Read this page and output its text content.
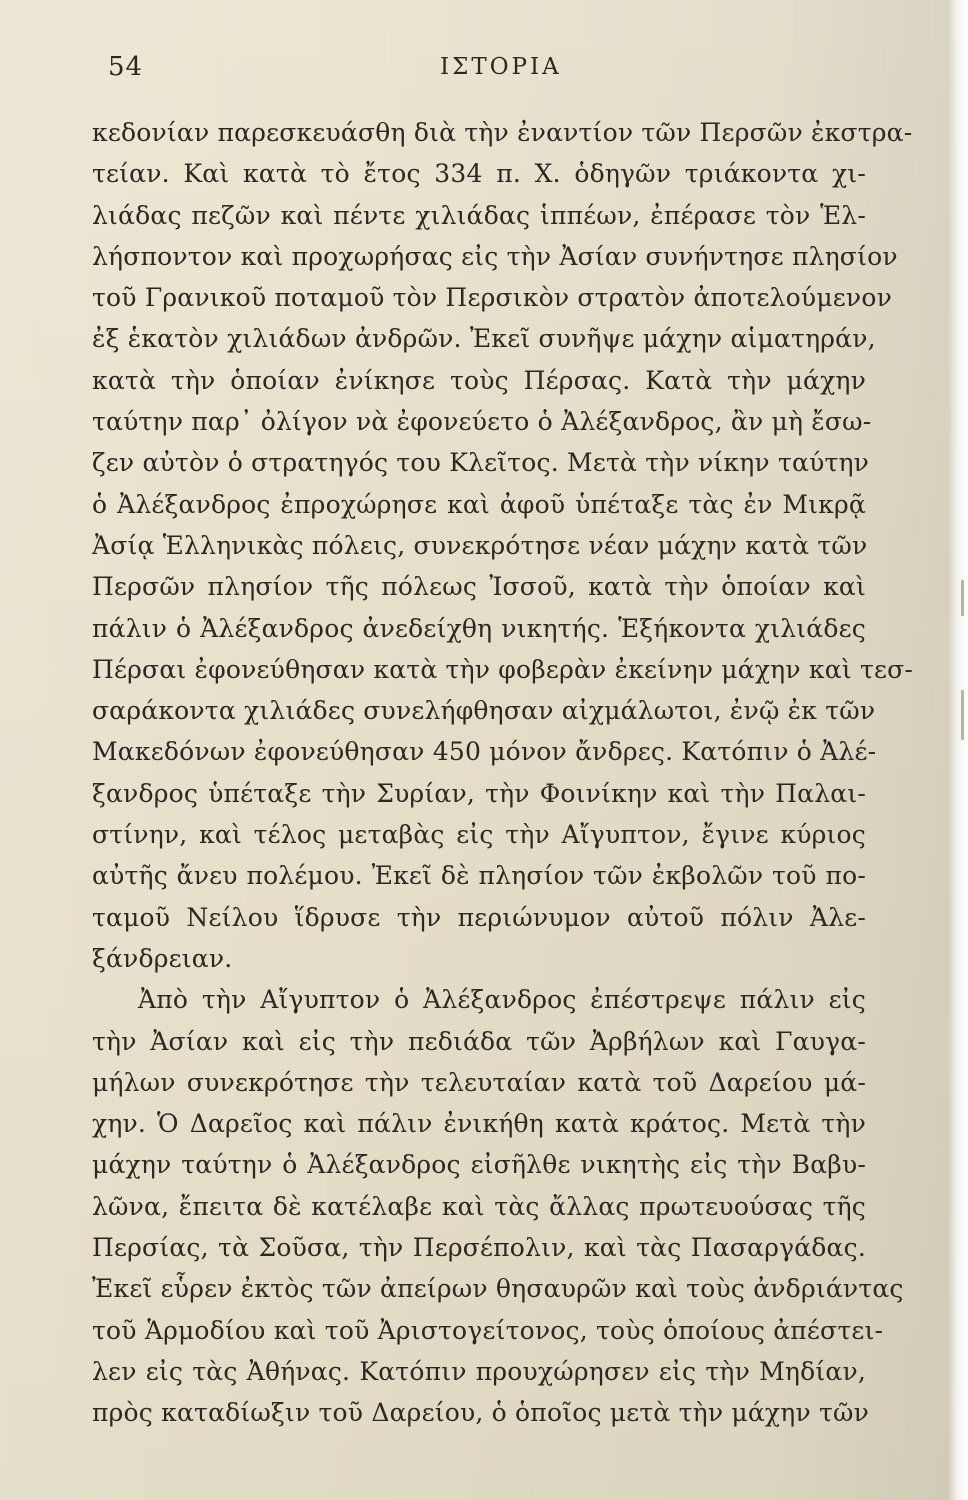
54	ΙΣΤΟΡΙΑ
κεδονίαν παρεσκευάσθη διὰ τὴν ἐναντίον τῶν Περσῶν ἐκστρα-
τείαν. Καὶ κατὰ τὸ ἔτος 334 π. Χ. ὁδηγῶν τριάκοντα χι-
λιάδας πεζῶν καὶ πέντε χιλιάδας ἱππέων, ἐπέρασε τὸν Ἑλ-
λήσποντον καὶ προχωρήσας εἰς τὴν Ἀσίαν συνήντησε πλησίον
τοῦ Γρανικοῦ ποταμοῦ τὸν Περσικὸν στρατὸν ἀποτελούμενον
ἐξ ἑκατὸν χιλιάδων ἀνδρῶν. Ἐκεῖ συνῆψε μάχην αἱματηράν,
κατὰ τὴν ὁποίαν ἐνίκησε τοὺς Πέρσας. Κατὰ τὴν μάχην
ταύτην παρ᾽ ὀλίγον νὰ ἐφονεύετο ὁ Ἀλέξανδρος, ἂν μὴ ἔσω-
ζεν αὐτὸν ὁ στρατηγός του Κλεῖτος. Μετὰ τὴν νίκην ταύτην
ὁ Ἀλέξανδρος ἐπροχώρησε καὶ ἀφοῦ ὑπέταξε τὰς ἐν Μικρᾷ
Ἀσίᾳ Ἑλληνικὰς πόλεις, συνεκρότησε νέαν μάχην κατὰ τῶν
Περσῶν πλησίον τῆς πόλεως Ἰσσοῦ, κατὰ τὴν ὁποίαν καὶ
πάλιν ὁ Ἀλέξανδρος ἀνεδείχθη νικητής. Ἑξήκοντα χιλιάδες
Πέρσαι ἐφονεύθησαν κατὰ τὴν φοβερὰν ἐκείνην μάχην καὶ τεσ-
σαράκοντα χιλιάδες συνελήφθησαν αἰχμάλωτοι, ἐνῷ ἐκ τῶν
Μακεδόνων ἐφονεύθησαν 450 μόνον ἄνδρες. Κατόπιν ὁ Ἀλέ-
ξανδρος ὑπέταξε τὴν Συρίαν, τὴν Φοινίκην καὶ τὴν Παλαι-
στίνην, καὶ τέλος μεταβὰς εἰς τὴν Αἴγυπτον, ἔγινε κύριος
αὐτῆς ἄνευ πολέμου. Ἐκεῖ δὲ πλησίον τῶν ἐκβολῶν τοῦ πο-
ταμοῦ Νείλου ἵδρυσε τὴν περιώνυμον αὐτοῦ πόλιν Ἀλε-
ξάνδρειαν.
Ἀπὸ τὴν Αἴγυπτον ὁ Ἀλέξανδρος ἐπέστρεψε πάλιν εἰς
τὴν Ἀσίαν καὶ εἰς τὴν πεδιάδα τῶν Ἀρβήλων καὶ Γαυγα-
μήλων συνεκρότησε τὴν τελευταίαν κατὰ τοῦ Δαρείου μά-
χην. Ὁ Δαρεῖος καὶ πάλιν ἐνικήθη κατὰ κράτος. Μετὰ τὴν
μάχην ταύτην ὁ Ἀλέξανδρος εἰσῆλθε νικητὴς εἰς τὴν Βαβυ-
λῶνα, ἔπειτα δὲ κατέλαβε καὶ τὰς ἄλλας πρωτευούσας τῆς
Περσίας, τὰ Σοῦσα, τὴν Περσέπολιν, καὶ τὰς Πασαργάδας.
Ἐκεῖ εὗρεν ἐκτὸς τῶν ἀπείρων θησαυρῶν καὶ τοὺς ἀνδριάντας
τοῦ Ἁρμοδίου καὶ τοῦ Ἀριστογείτονος, τοὺς ὁποίους ἀπέστει-
λεν εἰς τὰς Ἀθήνας. Κατόπιν προυχώρησεν εἰς τὴν Μηδίαν,
πρὸς καταδίωξιν τοῦ Δαρείου, ὁ ὁποῖος μετὰ τὴν μάχην τῶν
